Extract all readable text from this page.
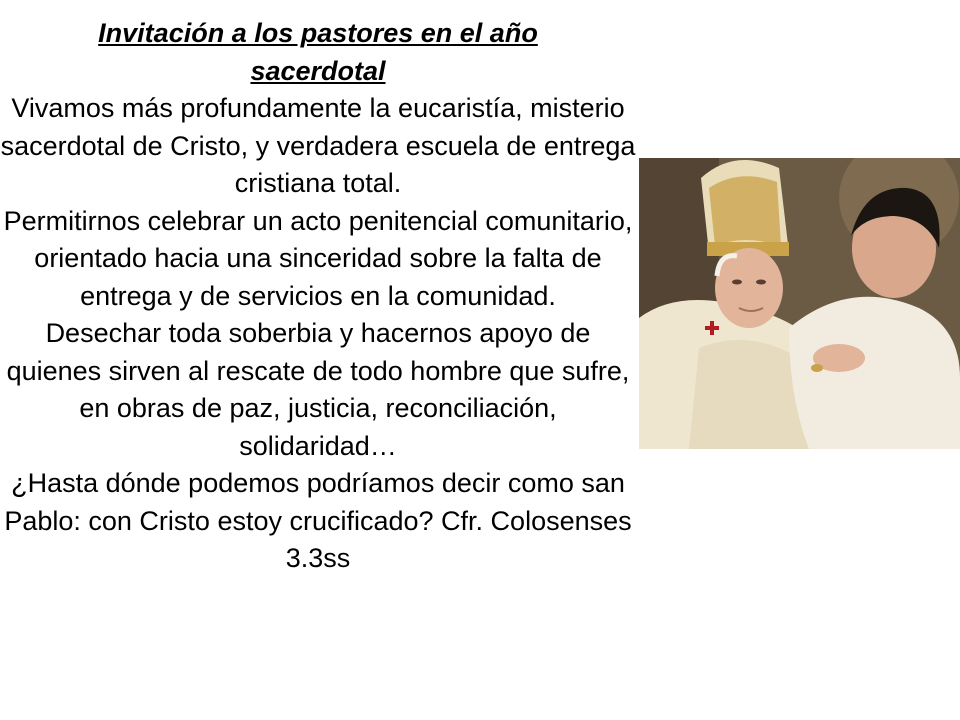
Invitación a los pastores en el año sacerdotal

Vivamos más profundamente la eucaristía, misterio sacerdotal de Cristo, y verdadera escuela de entrega cristiana total.

Permitirnos celebrar un acto penitencial comunitario, orientado hacia una sinceridad sobre la falta de entrega y de servicios en la comunidad.

Desechar toda soberbia y hacernos apoyo de quienes sirven al rescate de todo hombre que sufre, en obras de paz, justicia, reconciliación, solidaridad…

¿Hasta dónde podemos podríamos decir como san Pablo: con Cristo estoy crucificado? Cfr. Colosenses 3.3ss
